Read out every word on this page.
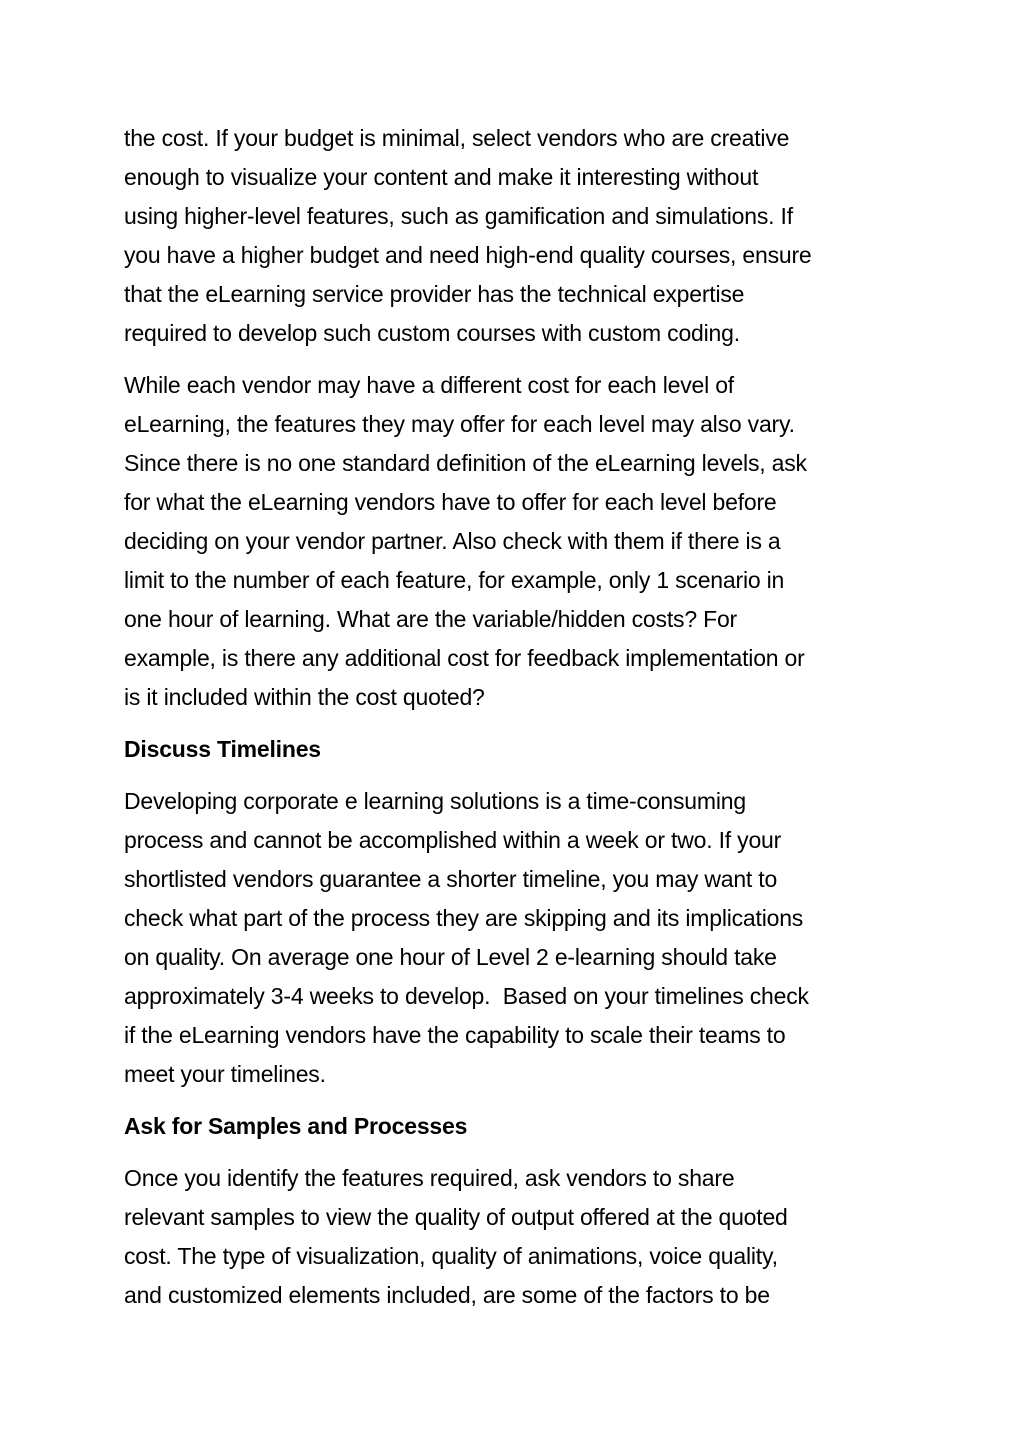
the cost. If your budget is minimal, select vendors who are creative
enough to visualize your content and make it interesting without
using higher-level features, such as gamification and simulations. If
you have a higher budget and need high-end quality courses, ensure
that the eLearning service provider has the technical expertise
required to develop such custom courses with custom coding.

While each vendor may have a different cost for each level of
eLearning, the features they may offer for each level may also vary.
Since there is no one standard definition of the eLearning levels, ask
for what the eLearning vendors have to offer for each level before
deciding on your vendor partner. Also check with them if there is a
limit to the number of each feature, for example, only 1 scenario in
one hour of learning. What are the variable/hidden costs? For
example, is there any additional cost for feedback implementation or
is it included within the cost quoted?

Discuss Timelines

Developing corporate e learning solutions is a time-consuming
process and cannot be accomplished within a week or two. If your
shortlisted vendors guarantee a shorter timeline, you may want to
check what part of the process they are skipping and its implications
on quality. On average one hour of Level 2 e-learning should take
approximately 3-4 weeks to develop.  Based on your timelines check
if the eLearning vendors have the capability to scale their teams to
meet your timelines.

Ask for Samples and Processes

Once you identify the features required, ask vendors to share
relevant samples to view the quality of output offered at the quoted
cost. The type of visualization, quality of animations, voice quality,
and customized elements included, are some of the factors to be
